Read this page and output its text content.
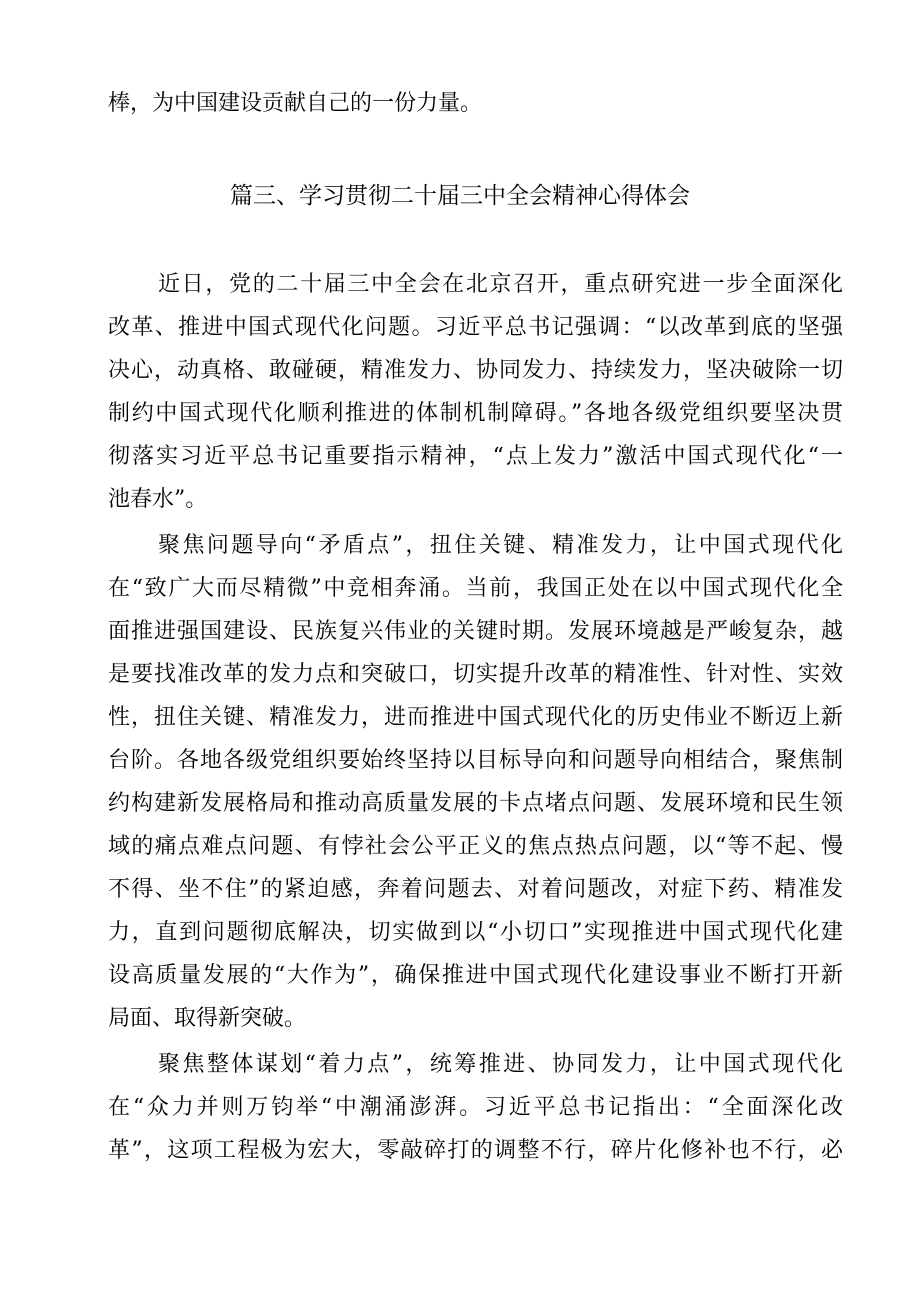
棒，为中国建设贡献自己的一份力量。
篇三、学习贯彻二十届三中全会精神心得体会
近日，党的二十届三中全会在北京召开，重点研究进一步全面深化
改革、推进中国式现代化问题。习近平总书记强调：“以改革到底的坚强
决心，动真格、敢碰硬，精准发力、协同发力、持续发力，坚决破除一切
制约中国式现代化顺利推进的体制机制障碍。”各地各级党组织要坚决贯
彻落实习近平总书记重要指示精神，“点上发力”激活中国式现代化“一
池春水”。
聚焦问题导向“矛盾点”，扭住关键、精准发力，让中国式现代化
在“致广大而尽精微”中竞相奔涌。当前，我国正处在以中国式现代化全
面推进强国建设、民族复兴伟业的关键时期。发展环境越是严峻复杂，越
是要找准改革的发力点和突破口，切实提升改革的精准性、针对性、实效
性，扭住关键、精准发力，进而推进中国式现代化的历史伟业不断迈上新
台阶。各地各级党组织要始终坚持以目标导向和问题导向相结合，聚焦制
约构建新发展格局和推动高质量发展的卡点堵点问题、发展环境和民生领
域的痛点难点问题、有悖社会公平正义的焦点热点问题，以“等不起、慢
不得、坐不住”的紧迫感，奔着问题去、对着问题改，对症下药、精准发
力，直到问题彻底解决，切实做到以“小切口”实现推进中国式现代化建
设高质量发展的“大作为”，确保推进中国式现代化建设事业不断打开新
局面、取得新突破。
聚焦整体谋划“着力点”，统筹推进、协同发力，让中国式现代化
在“众力并则万钧举“中潮涌澎湃。习近平总书记指出：“全面深化改
革”，这项工程极为宏大，零敲碎打的调整不行，碎片化修补也不行，必
